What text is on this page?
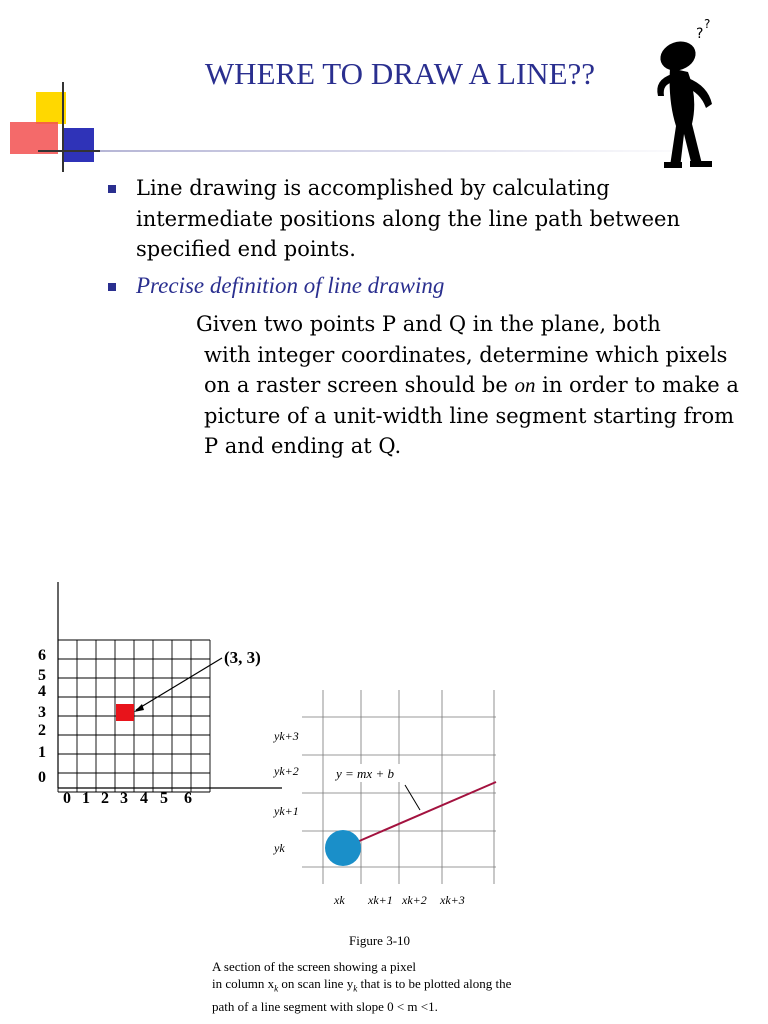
?
?
WHERE TO DRAW A LINE??
Line drawing is accomplished by calculating intermediate positions along the line path between specified end points.
Precise definition of line drawing
Given two points P and Q in the plane, both
with integer coordinates, determine which pixels on a raster screen should be on in order to make a picture of a unit-width line segment starting from P and ending at Q.
(3, 3)
6
5
4
3
2
1
0
0 1 2 3 4 5 6
y = mx + b
yk+3
yk+2
yk+1
yk
xk xk+1 xk+2 xk+3
Figure 3-10
A section of the screen showing a pixel
in column $x_k$ on scan line $y_k$ that is to be plotted along the
path of a line segment with slope 0 < m <1.
